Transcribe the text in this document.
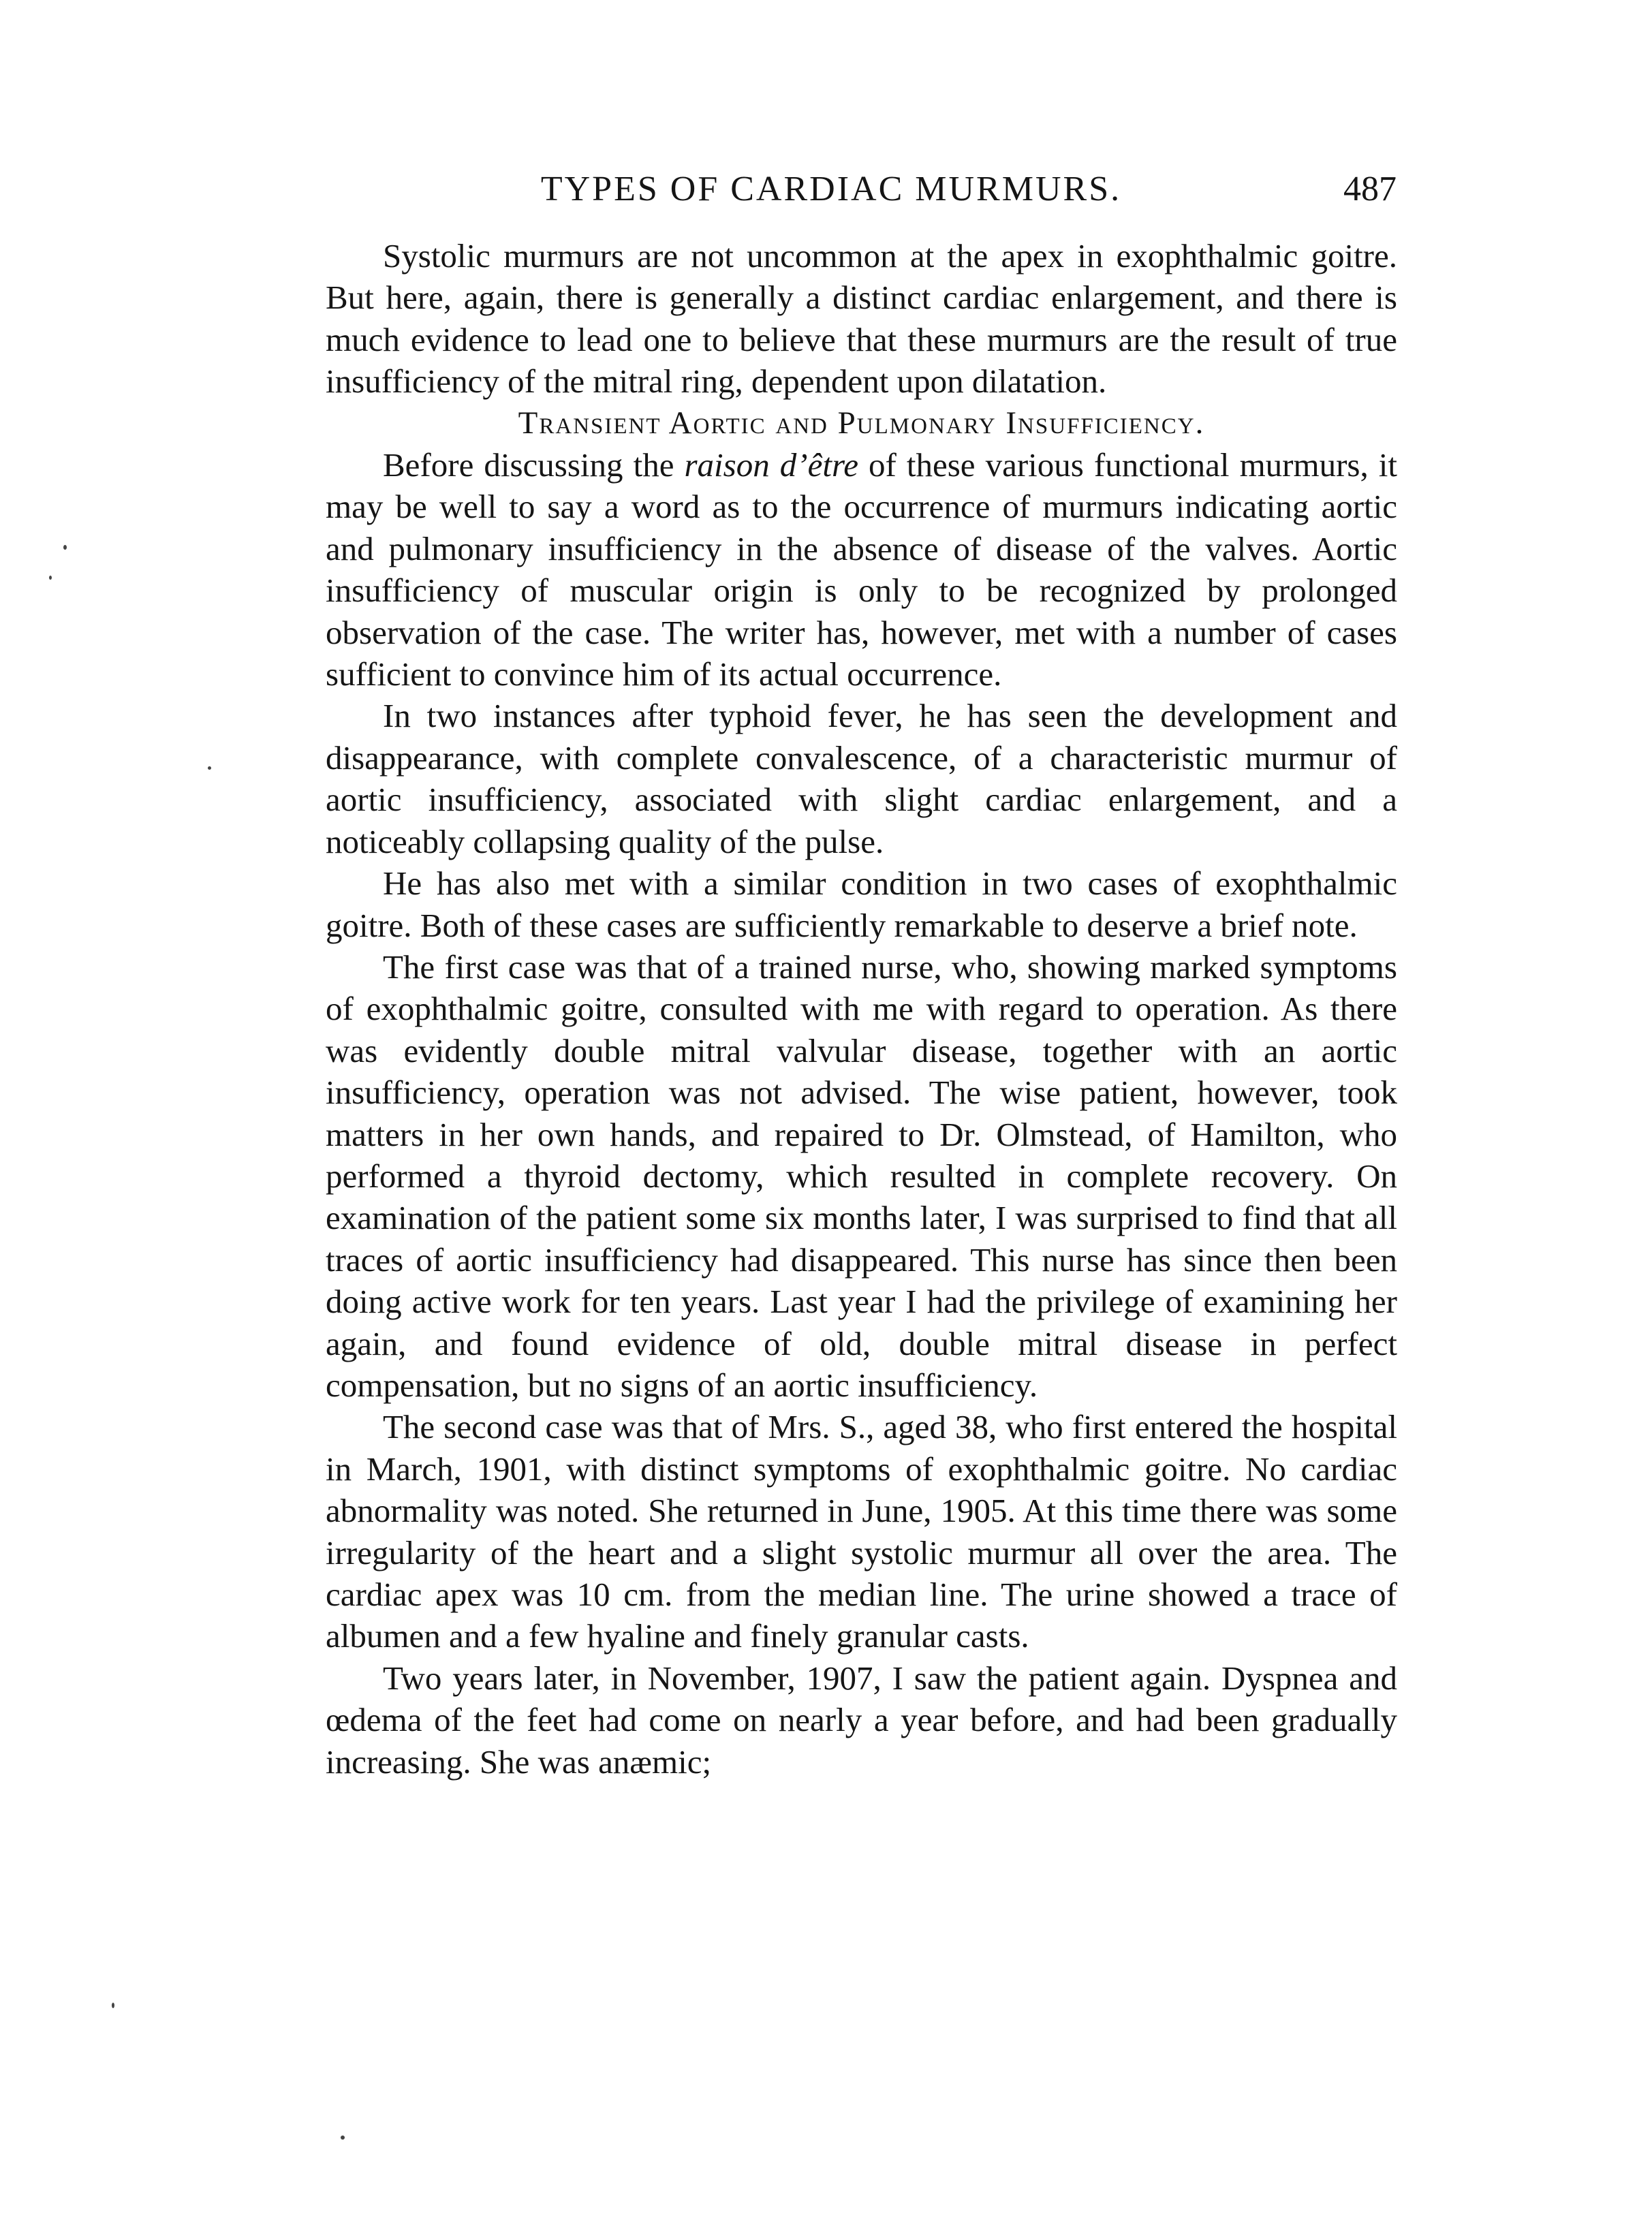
TYPES OF CARDIAC MURMURS.	487

Systolic murmurs are not uncommon at the apex in exophthalmic goitre. But here, again, there is generally a distinct cardiac enlargement, and there is much evidence to lead one to believe that these murmurs are the result of true insufficiency of the mitral ring, dependent upon dilatation.

Transient Aortic and Pulmonary Insufficiency.

Before discussing the raison d’être of these various functional murmurs, it may be well to say a word as to the occurrence of murmurs indicating aortic and pulmonary insufficiency in the absence of disease of the valves. Aortic insufficiency of muscular origin is only to be recognized by prolonged observation of the case. The writer has, however, met with a number of cases sufficient to convince him of its actual occurrence.

In two instances after typhoid fever, he has seen the development and disappearance, with complete convalescence, of a characteristic murmur of aortic insufficiency, associated with slight cardiac enlargement, and a noticeably collapsing quality of the pulse.

He has also met with a similar condition in two cases of exophthalmic goitre. Both of these cases are sufficiently remarkable to deserve a brief note.

The first case was that of a trained nurse, who, showing marked symptoms of exophthalmic goitre, consulted with me with regard to operation. As there was evidently double mitral valvular disease, together with an aortic insufficiency, operation was not advised. The wise patient, however, took matters in her own hands, and repaired to Dr. Olmstead, of Hamilton, who performed a thyroid dectomy, which resulted in complete recovery. On examination of the patient some six months later, I was surprised to find that all traces of aortic insufficiency had disappeared. This nurse has since then been doing active work for ten years. Last year I had the privilege of examining her again, and found evidence of old, double mitral disease in perfect compensation, but no signs of an aortic insufficiency.

The second case was that of Mrs. S., aged 38, who first entered the hospital in March, 1901, with distinct symptoms of exophthalmic goitre. No cardiac abnormality was noted. She returned in June, 1905. At this time there was some irregularity of the heart and a slight systolic murmur all over the area. The cardiac apex was 10 cm. from the median line. The urine showed a trace of albumen and a few hyaline and finely granular casts.

Two years later, in November, 1907, I saw the patient again. Dyspnea and œdema of the feet had come on nearly a year before, and had been gradually increasing. She was anæmic;
